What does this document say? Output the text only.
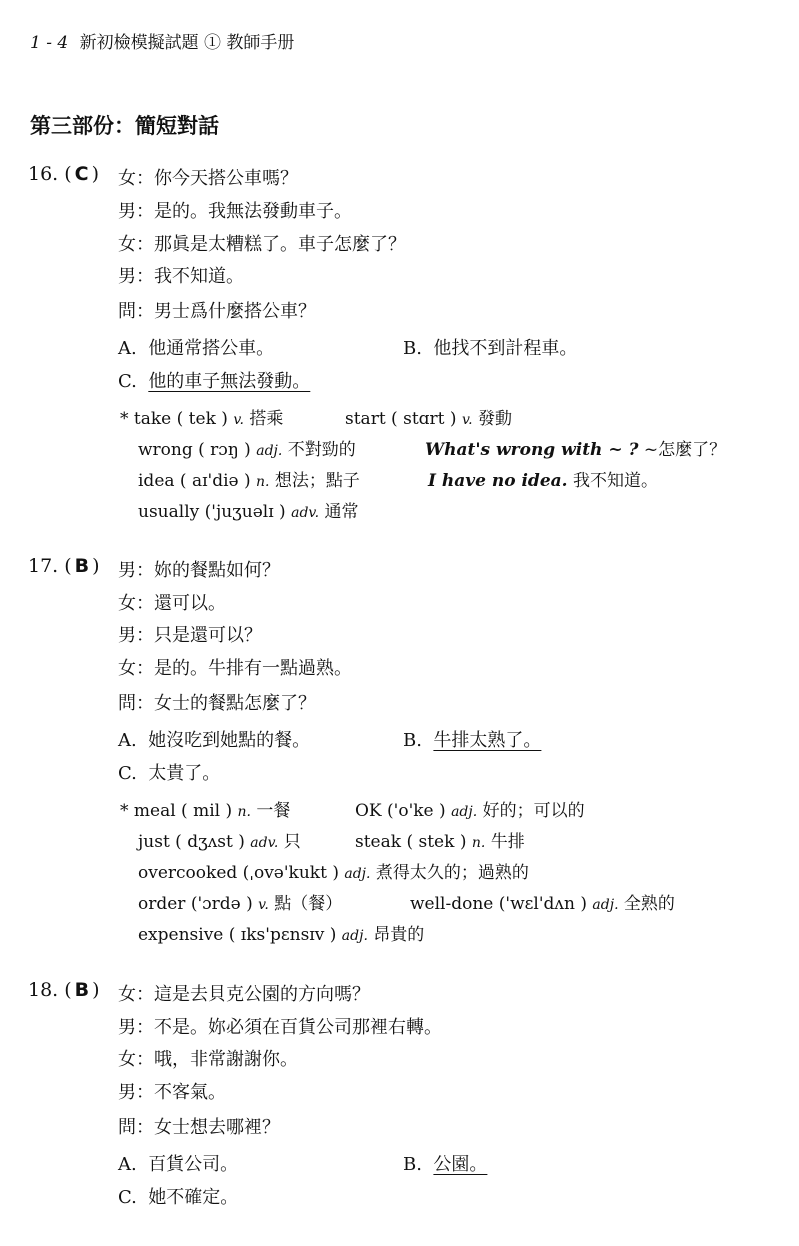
1 - 4 新初檢模擬試題 ① 教師手册
第三部份：簡短對話
16. ( C ) 女：你今天搭公車嗎？
男：是的。我無法發動車子。
女：那眞是太糟糕了。車子怎麼了？
男：我不知道。
問：男士爲什麼搭公車？
A. 他通常搭公車。	B. 他找不到計程車。
C. 他的車子無法發動。
* take ( tek ) v. 搭乘	start ( stɑrt ) v. 發動
wrong ( rɔŋ ) adj. 不對勁的	What's wrong with ~ ? ~怎麼了？
idea ( aɪ'diə ) n. 想法；點子	I have no idea. 我不知道。
usually ('juʒuəlɪ ) adv. 通常
17. ( B ) 男：妳的餐點如何？
女：還可以。
男：只是還可以？
女：是的。牛排有一點過熟。
問：女士的餐點怎麼了？
A. 她沒吃到她點的餐。	B. 牛排太熟了。
C. 太貴了。
* meal ( mil ) n. 一餐	OK ('o'ke ) adj. 好的；可以的
just ( dʒʌst ) adv. 只	steak ( stek ) n. 牛排
overcooked (ˌovə'kukt ) adj. 煮得太久的；過熟的
order ('ɔrdə ) v. 點（餐）	well-done ('wɛl'dʌn ) adj. 全熟的
expensive ( ɪks'pɛnsɪv ) adj. 昂貴的
18. ( B ) 女：這是去貝克公園的方向嗎？
男：不是。妳必須在百貨公司那裡右轉。
女：哦，非常謝謝你。
男：不客氣。
問：女士想去哪裡？
A. 百貨公司。	B. 公園。
C. 她不確定。
